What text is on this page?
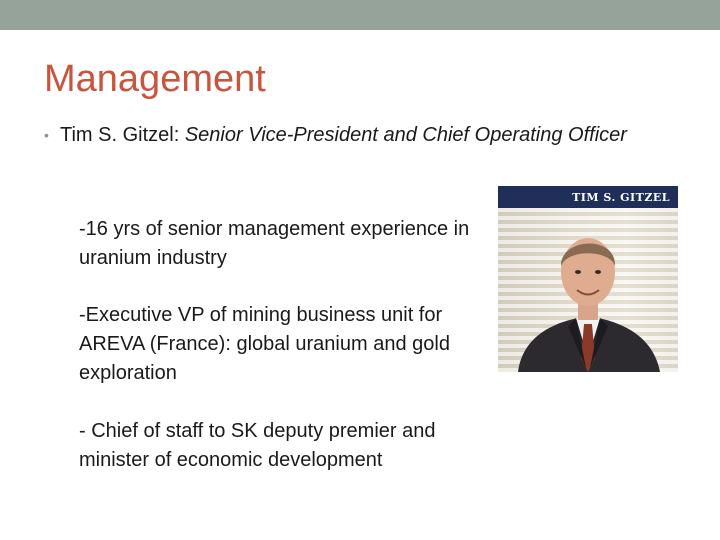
Management
• Tim S. Gitzel: Senior Vice-President and Chief Operating Officer
-16 yrs of senior management experience in uranium industry
-Executive VP of mining business unit for AREVA (France): global uranium and gold exploration
- Chief of staff to SK deputy premier and minister of economic development
TIM S. GITZEL
